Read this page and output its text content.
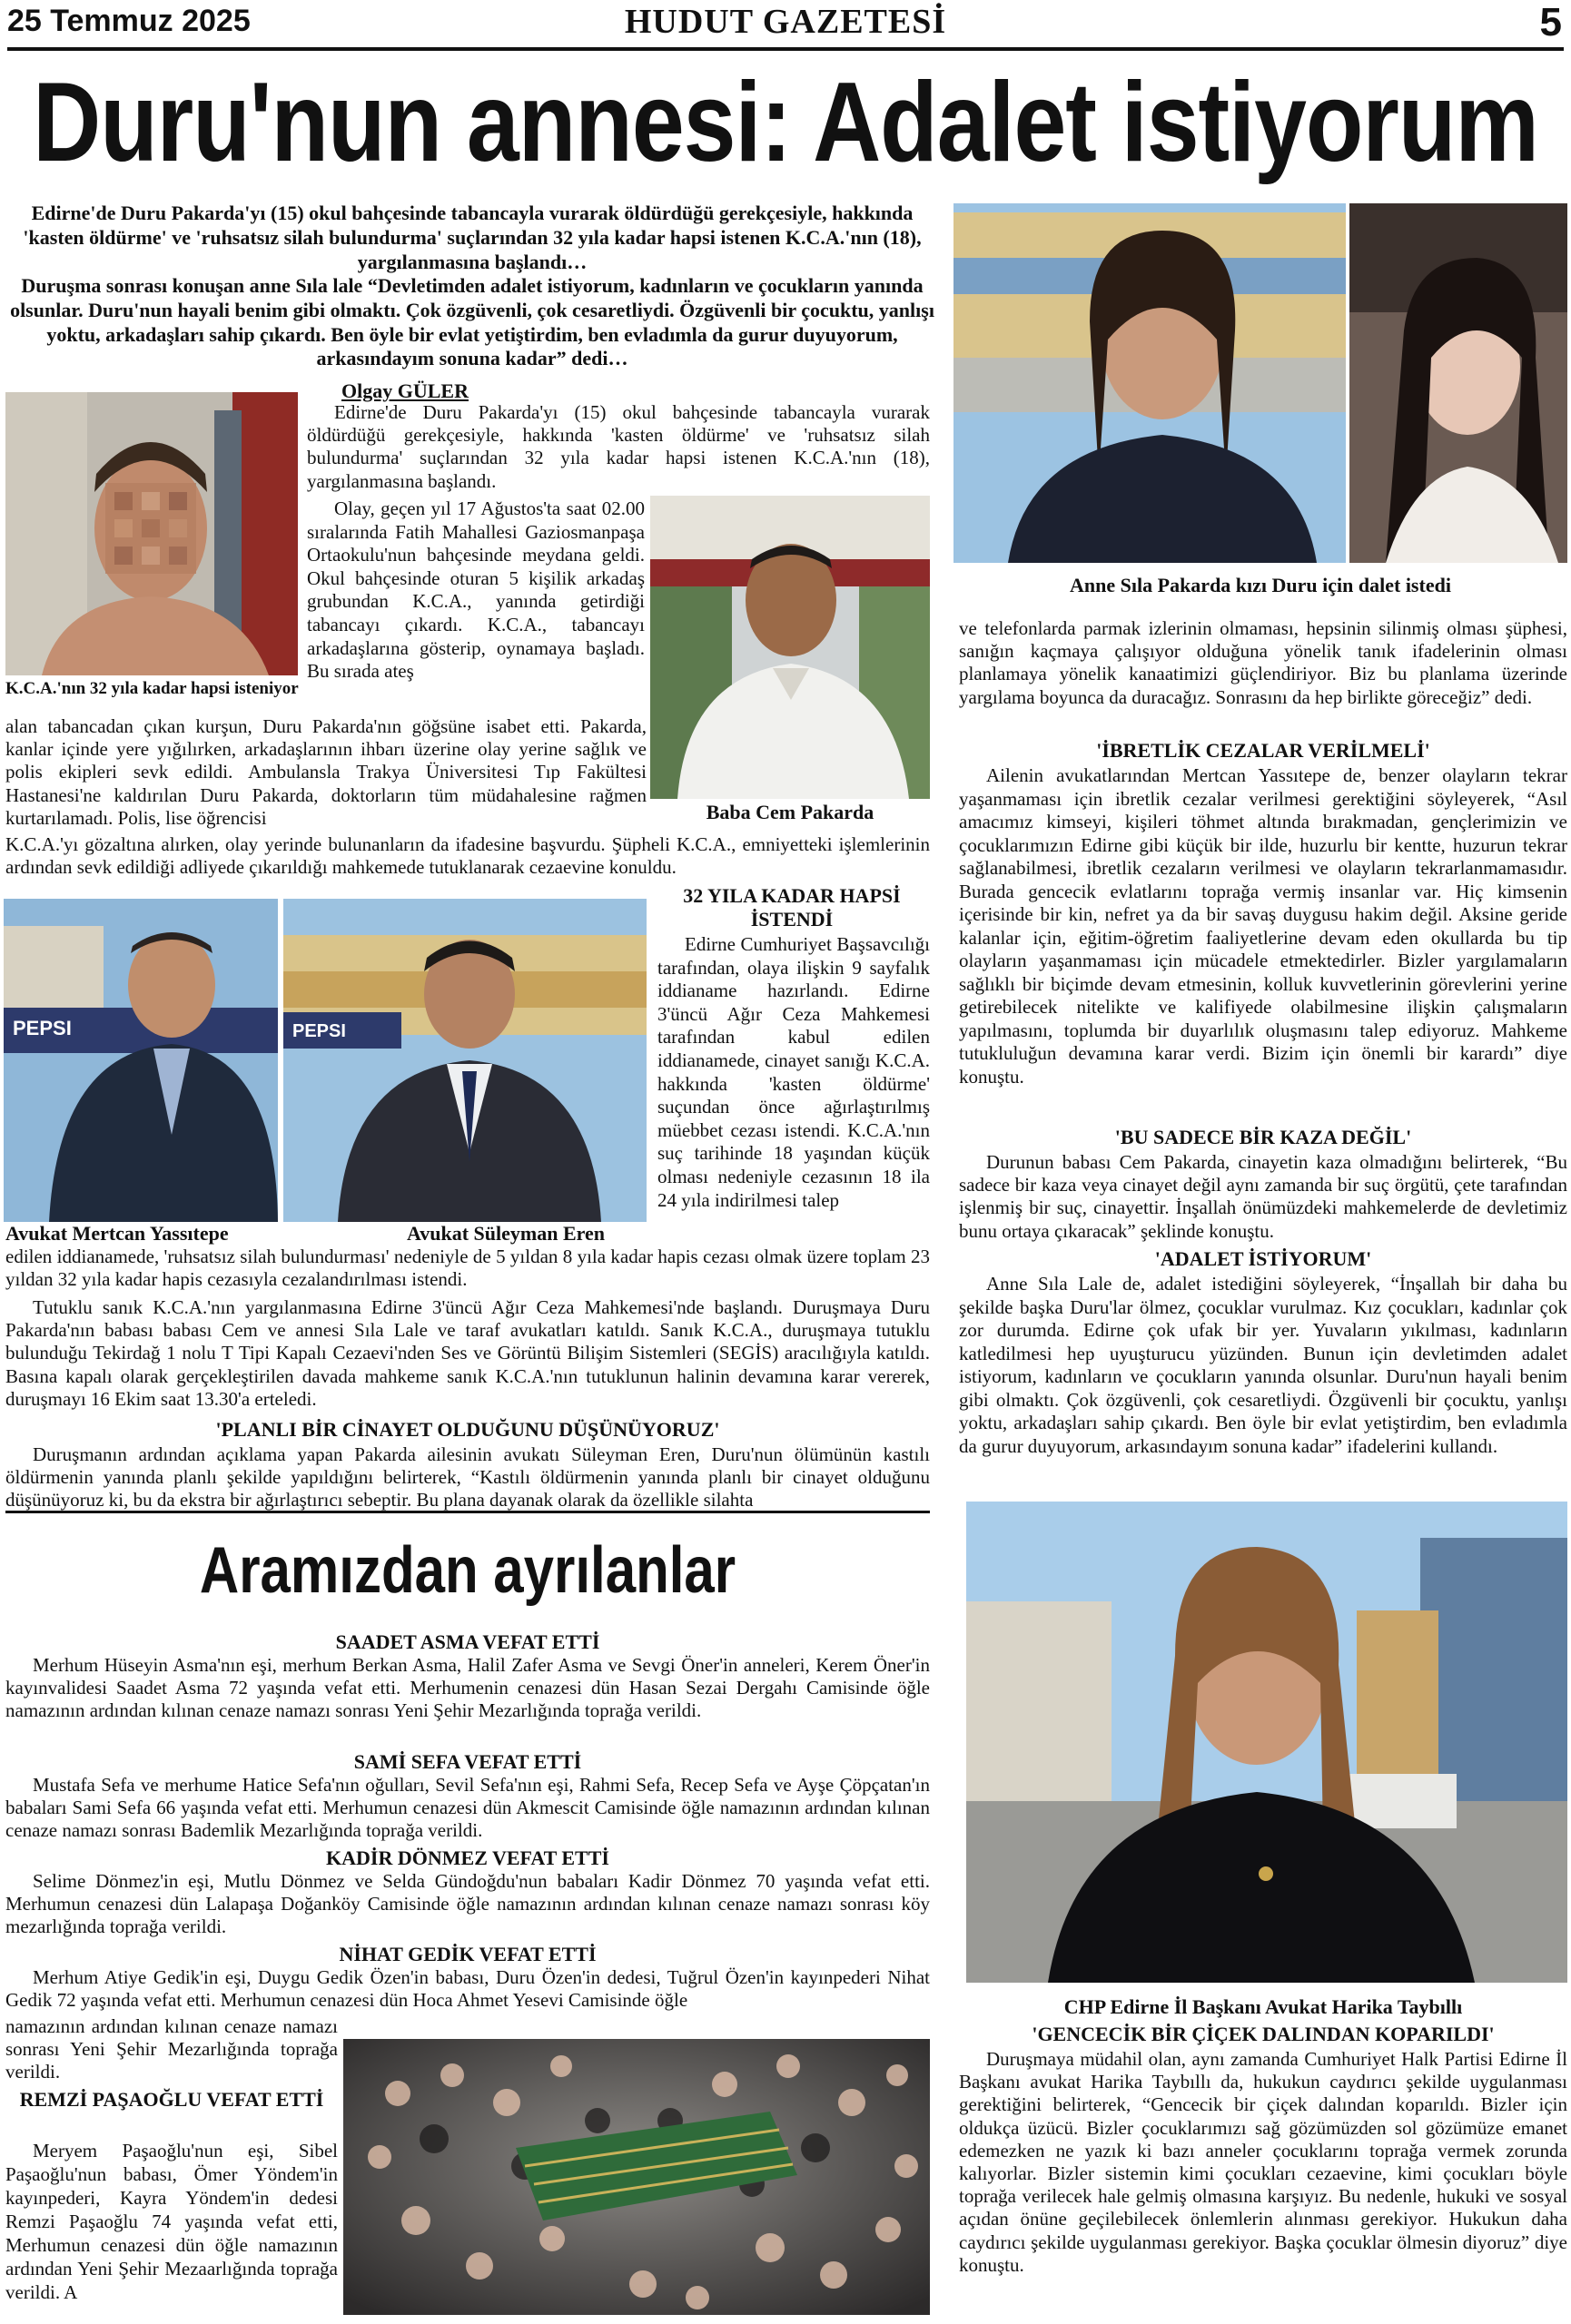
25 Temmuz 2025	HUDUT GAZETESİ	5
Duru'nun annesi: Adalet istiyorum
Edirne'de Duru Pakarda'yı (15) okul bahçesinde tabancayla vurarak öldürdüğü gerekçesiyle, hakkında 'kasten öldürme' ve 'ruhsatsız silah bulundurma' suçlarından 32 yıla kadar hapsi istenen K.C.A.'nın (18), yargılanmasına başlandı…
Duruşma sonrası konuşan anne Sıla lale “Devletimden adalet istiyorum, kadınların ve çocukların yanında olsunlar. Duru'nun hayali benim gibi olmaktı. Çok özgüvenli, çok cesaretliydi. Özgüvenli bir çocuktu, yanlışı yoktu, arkadaşları sahip çıkardı. Ben öyle bir evlat yetiştirdim, ben evladımla da gurur duyuyorum, arkasındayım sonuna kadar” dedi…
K.C.A.'nın 32 yıla kadar hapsi isteniyor
Olgay GÜLER
Edirne'de Duru Pakarda'yı (15) okul bahçesinde tabancayla vurarak öldürdüğü gerekçesiyle, hakkında 'kasten öldürme' ve 'ruhsatsız silah bulundurma' suçlarından 32 yıla kadar hapsi istenen K.C.A.'nın (18), yargılanmasına başlandı.
Olay, geçen yıl 17 Ağustos'ta saat 02.00 sıralarında Fatih Mahallesi Gaziosmanpaşa Ortaokulu'nun bahçesinde meydana geldi. Okul bahçesinde oturan 5 kişilik arkadaş grubundan K.C.A., yanında getirdiği tabancayı çıkardı. K.C.A., tabancayı arkadaşlarına gösterip, oynamaya başladı. Bu sırada ateş
Baba Cem Pakarda
alan tabancadan çıkan kurşun, Duru Pakarda'nın göğsüne isabet etti. Pakarda, kanlar içinde yere yığılırken, arkadaşlarının ihbarı üzerine olay yerine sağlık ve polis ekipleri sevk edildi. Ambulansla Trakya Üniversitesi Tıp Fakültesi Hastanesi'ne kaldırılan Duru Pakarda, doktorların tüm müdahalesine rağmen kurtarılamadı. Polis, lise öğrencisi
K.C.A.'yı gözaltına alırken, olay yerinde bulunanların da ifadesine başvurdu. Şüpheli K.C.A., emniyetteki işlemlerinin ardından sevk edildiği adliyede çıkarıldığı mahkemede tutuklanarak cezaevine konuldu.
PEPSI	PEPSI
Avukat Mertcan Yassıtepe	Avukat Süleyman Eren
32 YILA KADAR HAPSİ İSTENDİ
Edirne Cumhuriyet Başsavcılığı tarafından, olaya ilişkin 9 sayfalık iddianame hazırlandı. Edirne 3'üncü Ağır Ceza Mahkemesi tarafından kabul edilen iddianamede, cinayet sanığı K.C.A. hakkında 'kasten öldürme' suçundan önce ağırlaştırılmış müebbet cezası istendi. K.C.A.'nın suç tarihinde 18 yaşından küçük olması nedeniyle cezasının 18 ila 24 yıla indirilmesi talep
edilen iddianamede, 'ruhsatsız silah bulundurması' nedeniyle de 5 yıldan 8 yıla kadar hapis cezası olmak üzere toplam 23 yıldan 32 yıla kadar hapis cezasıyla cezalandırılması istendi.
Tutuklu sanık K.C.A.'nın yargılanmasına Edirne 3'üncü Ağır Ceza Mahkemesi'nde başlandı. Duruşmaya Duru Pakarda'nın babası babası Cem ve annesi Sıla Lale ve taraf avukatları katıldı. Sanık K.C.A., duruşmaya tutuklu bulunduğu Tekirdağ 1 nolu T Tipi Kapalı Cezaevi'nden Ses ve Görüntü Bilişim Sistemleri (SEGİS) aracılığıyla katıldı. Basına kapalı olarak gerçekleştirilen davada mahkeme sanık K.C.A.'nın tutuklunun halinin devamına karar vererek, duruşmayı 16 Ekim saat 13.30'a erteledi.
'PLANLI BİR CİNAYET OLDUĞUNU DÜŞÜNÜYORUZ'
Duruşmanın ardından açıklama yapan Pakarda ailesinin avukatı Süleyman Eren, Duru'nun ölümünün kastılı öldürmenin yanında planlı şekilde yapıldığını belirterek, “Kastılı öldürmenin yanında planlı bir cinayet olduğunu düşünüyoruz ki, bu da ekstra bir ağırlaştırıcı sebeptir. Bu plana dayanak olarak da özellikle silahta
Anne Sıla Pakarda kızı Duru için dalet istedi
ve telefonlarda parmak izlerinin olmaması, hepsinin silinmiş olması şüphesi, sanığın kaçmaya çalışıyor olduğuna yönelik tanık ifadelerinin olması planlamaya yönelik kanaatimizi güçlendiriyor. Biz bu planlama üzerinde yargılama boyunca da duracağız. Sonrasını da hep birlikte göreceğiz” dedi.
'İBRETLİK CEZALAR VERİLMELİ'
Ailenin avukatlarından Mertcan Yassıtepe de, benzer olayların tekrar yaşanmaması için ibretlik cezalar verilmesi gerektiğini söyleyerek, “Asıl amacımız kimseyi, kişileri töhmet altında bırakmadan, gençlerimizin ve çocuklarımızın Edirne gibi küçük bir ilde, huzurlu bir kentte, huzurun tekrar sağlanabilmesi, ibretlik cezaların verilmesi ve olayların tekrarlanmamasıdır. Burada gencecik evlatlarını toprağa vermiş insanlar var. Hiç kimsenin içerisinde bir kin, nefret ya da bir savaş duygusu hakim değil. Aksine geride kalanlar için, eğitim-öğretim faaliyetlerine devam eden okullarda bu tip olayların yaşanmaması için mücadele etmektedirler. Bizler yargılamaların sağlıklı bir biçimde devam etmesinin, kolluk kuvvetlerinin görevlerini yerine getirebilecek nitelikte ve kalifiyede olabilmesine ilişkin çalışmaların yapılmasını, toplumda bir duyarlılık oluşmasını talep ediyoruz. Mahkeme tutukluluğun devamına karar verdi. Bizim için önemli bir karardı” diye konuştu.
'BU SADECE BİR KAZA DEĞİL'
Durunun babası Cem Pakarda, cinayetin kaza olmadığını belirterek, “Bu sadece bir kaza veya cinayet değil aynı zamanda bir suç örgütü, çete tarafından işlenmiş bir suç, cinayettir. İnşallah önümüzdeki mahkemelerde de devletimiz bunu ortaya çıkaracak” şeklinde konuştu.
'ADALET İSTİYORUM'
Anne Sıla Lale de, adalet istediğini söyleyerek, “İnşallah bir daha bu şekilde başka Duru'lar ölmez, çocuklar vurulmaz. Kız çocukları, kadınlar çok zor durumda. Edirne çok ufak bir yer. Yuvaların yıkılması, kadınların katledilmesi hep uyuşturucu yüzünden. Bunun için devletimden adalet istiyorum, kadınların ve çocukların yanında olsunlar. Duru'nun hayali benim gibi olmaktı. Çok özgüvenli, çok cesaretliydi. Özgüvenli bir çocuktu, yanlışı yoktu, arkadaşları sahip çıkardı. Ben öyle bir evlat yetiştirdim, ben evladımla da gurur duyuyorum, arkasındayım sonuna kadar” ifadelerini kullandı.
CHP Edirne İl Başkanı Avukat Harika Taybıllı
'GENCECİK BİR ÇİÇEK DALINDAN KOPARILDI'
Duruşmaya müdahil olan, aynı zamanda Cumhuriyet Halk Partisi Edirne İl Başkanı avukat Harika Taybıllı da, hukukun caydırıcı şekilde uygulanması gerektiğini belirterek, “Gencecik bir çiçek dalından koparıldı. Bizler için oldukça üzücü. Bizler çocuklarımızı sağ gözümüzden sol gözümüze emanet edemezken ne yazık ki bazı anneler çocuklarını toprağa vermek zorunda kalıyorlar. Bizler sistemin kimi çocukları cezaevine, kimi çocukları böyle toprağa verilecek hale gelmiş olmasına karşıyız. Bu nedenle, hukuki ve sosyal açıdan önüne geçilebilecek önlemlerin alınması gerekiyor. Hukukun daha caydırıcı şekilde uygulanması gerekiyor. Başka çocuklar ölmesin diyoruz” diye konuştu.
Aramızdan ayrılanlar
SAADET ASMA VEFAT ETTİ
Merhum Hüseyin Asma'nın eşi, merhum Berkan Asma, Halil Zafer Asma ve Sevgi Öner'in anneleri, Kerem Öner'in kayınvalidesi Saadet Asma 72 yaşında vefat etti. Merhumenin cenazesi dün Hasan Sezai Dergahı Camisinde öğle namazının ardından kılınan cenaze namazı sonrası Yeni Şehir Mezarlığında toprağa verildi.
SAMİ SEFA VEFAT ETTİ
Mustafa Sefa ve merhume Hatice Sefa'nın oğulları, Sevil Sefa'nın eşi, Rahmi Sefa, Recep Sefa ve Ayşe Çöpçatan'ın babaları Sami Sefa 66 yaşında vefat etti. Merhumun cenazesi dün Akmescit Camisinde öğle namazının ardından kılınan cenaze namazı sonrası Bademlik Mezarlığında toprağa verildi.
KADİR DÖNMEZ VEFAT ETTİ
Selime Dönmez'in eşi, Mutlu Dönmez ve Selda Gündoğdu'nun babaları Kadir Dönmez 70 yaşında vefat etti. Merhumun cenazesi dün Lalapaşa Doğanköy Camisinde öğle namazının ardından kılınan cenaze namazı sonrası köy mezarlığında toprağa verildi.
NİHAT GEDİK VEFAT ETTİ
Merhum Atiye Gedik'in eşi, Duygu Gedik Özen'in babası, Duru Özen'in dedesi, Tuğrul Özen'in kayınpederi Nihat Gedik 72 yaşında vefat etti. Merhumun cenazesi dün Hoca Ahmet Yesevi Camisinde öğle
namazının ardından kılınan cenaze namazı sonrası Yeni Şehir Mezarlığında toprağa verildi.
REMZİ PAŞAOĞLU VEFAT ETTİ
Meryem Paşaoğlu'nun eşi, Sibel Paşaoğlu'nun babası, Ömer Yöndem'in kayınpederi, Kayra Yöndem'in dedesi Remzi Paşaoğlu 74 yaşında vefat etti, Merhumun cenazesi dün öğle namazının ardından Yeni Şehir Mezaarlığında toprağa verildi. A
